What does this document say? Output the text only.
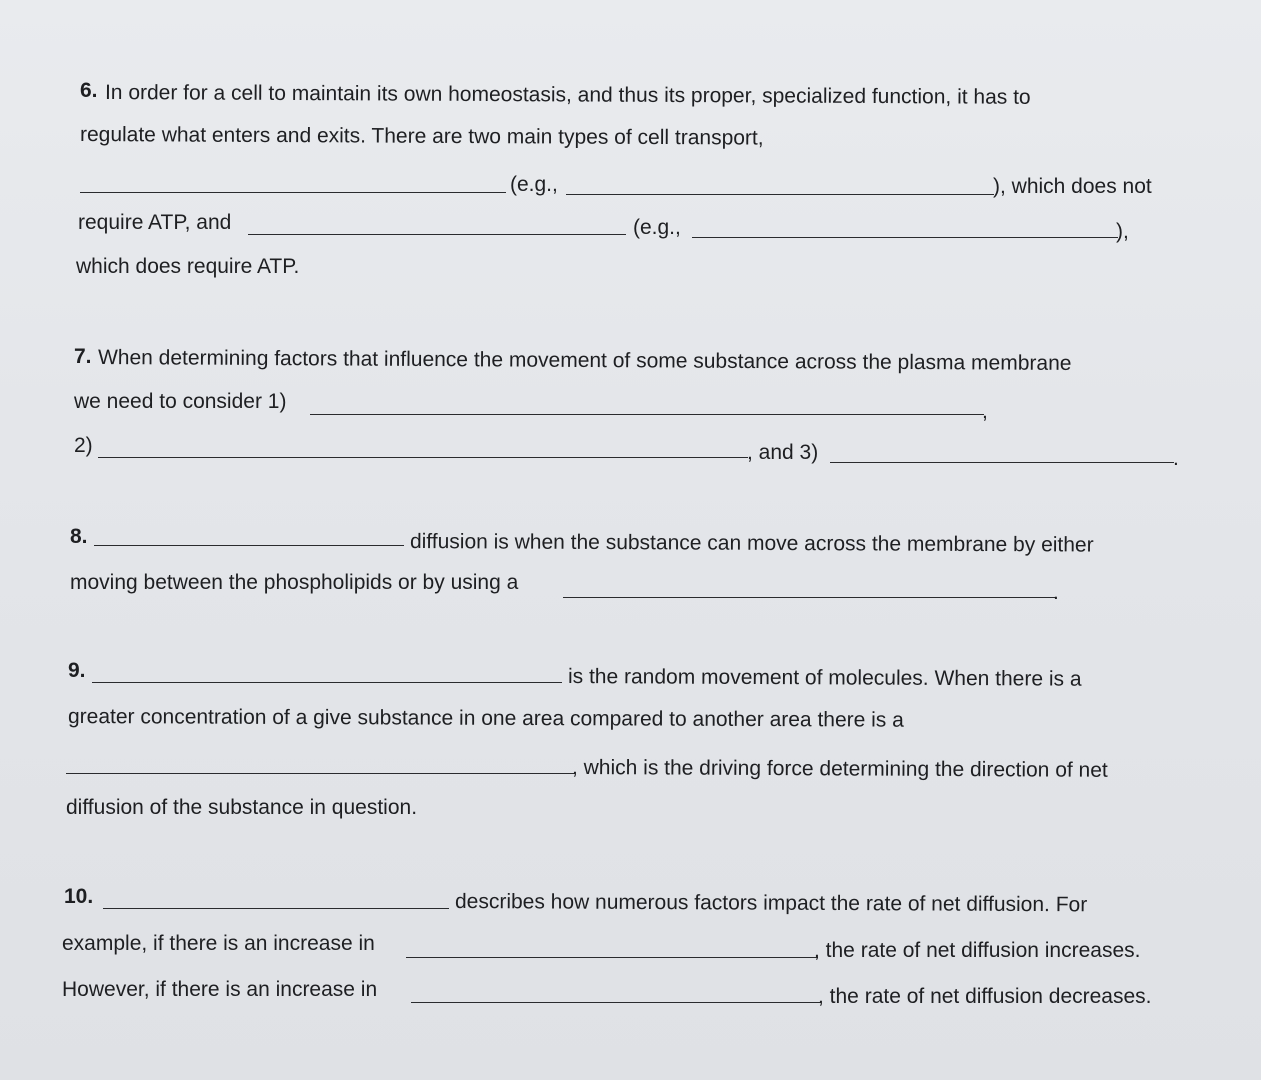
6. In order for a cell to maintain its own homeostasis, and thus its proper, specialized function, it has to
regulate what enters and exits. There are two main types of cell transport,
(e.g.,	), which does not
require ATP, and	(e.g.,	),
which does require ATP.
7. When determining factors that influence the movement of some substance across the plasma membrane
we need to consider 1)	,
2)	, and 3)	.
8.	diffusion is when the substance can move across the membrane by either
moving between the phospholipids or by using a	.
9.	is the random movement of molecules. When there is a
greater concentration of a give substance in one area compared to another area there is a
, which is the driving force determining the direction of net
diffusion of the substance in question.
10.	describes how numerous factors impact the rate of net diffusion. For
example, if there is an increase in	, the rate of net diffusion increases.
However, if there is an increase in	, the rate of net diffusion decreases.
